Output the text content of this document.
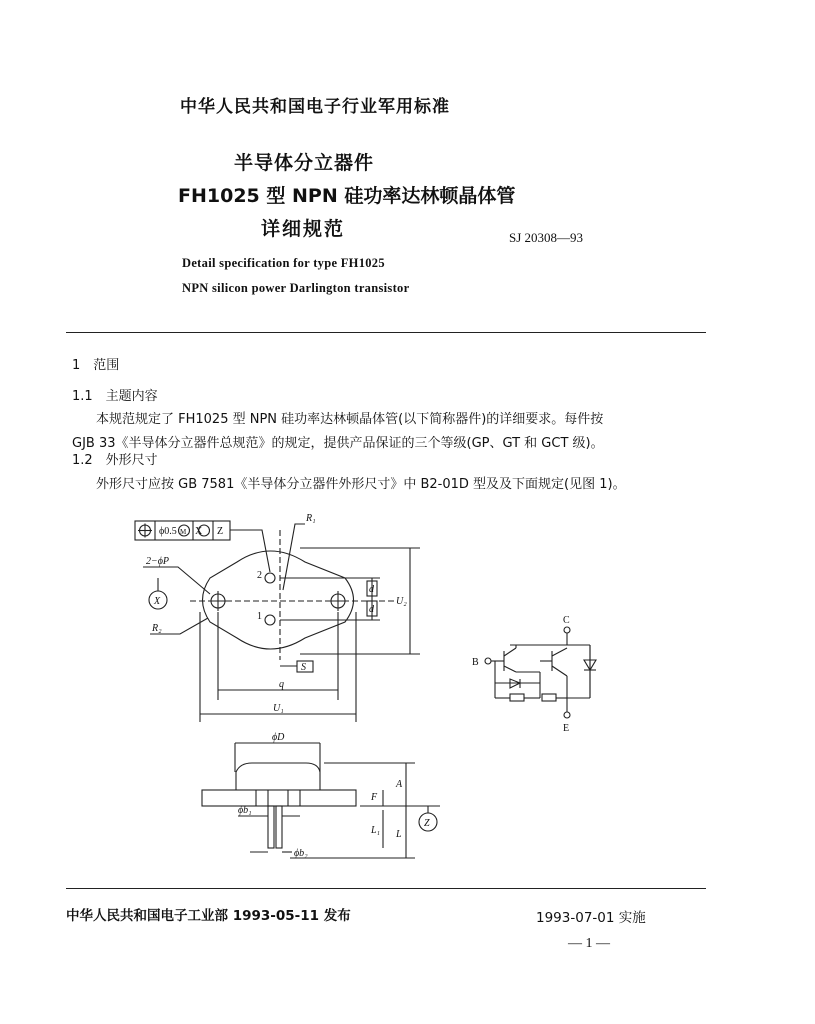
中华人民共和国电子行业军用标准
半导体分立器件
FH1025 型 NPN 硅功率达林顿晶体管
详细规范	SJ 20308—93
Detail specification for type FH1025
NPN silicon power Darlington transistor
1　范围
1.1　主题内容
本规范规定了 FH1025 型 NPN 硅功率达林顿晶体管(以下简称器件)的详细要求。每件按
GJB 33《半导体分立器件总规范》的规定，提供产品保证的三个等级(GP、GT 和 GCT 级)。
1.2　外形尺寸
外形尺寸应按 GB 7581《半导体分立器件外形尺寸》中 B2-01D 型及及下面规定(见图 1)。
ϕ0.5 M X Z
R₁
2−ϕP
X
R₂
2
1
d
d
U₂
S
q
U₁
ϕD
A
F
ϕb₁
L₁ L
Z
ϕb₂
C
B
E
中华人民共和国电子工业部 1993-05-11 发布	1993-07-01 实施
— 1 —
